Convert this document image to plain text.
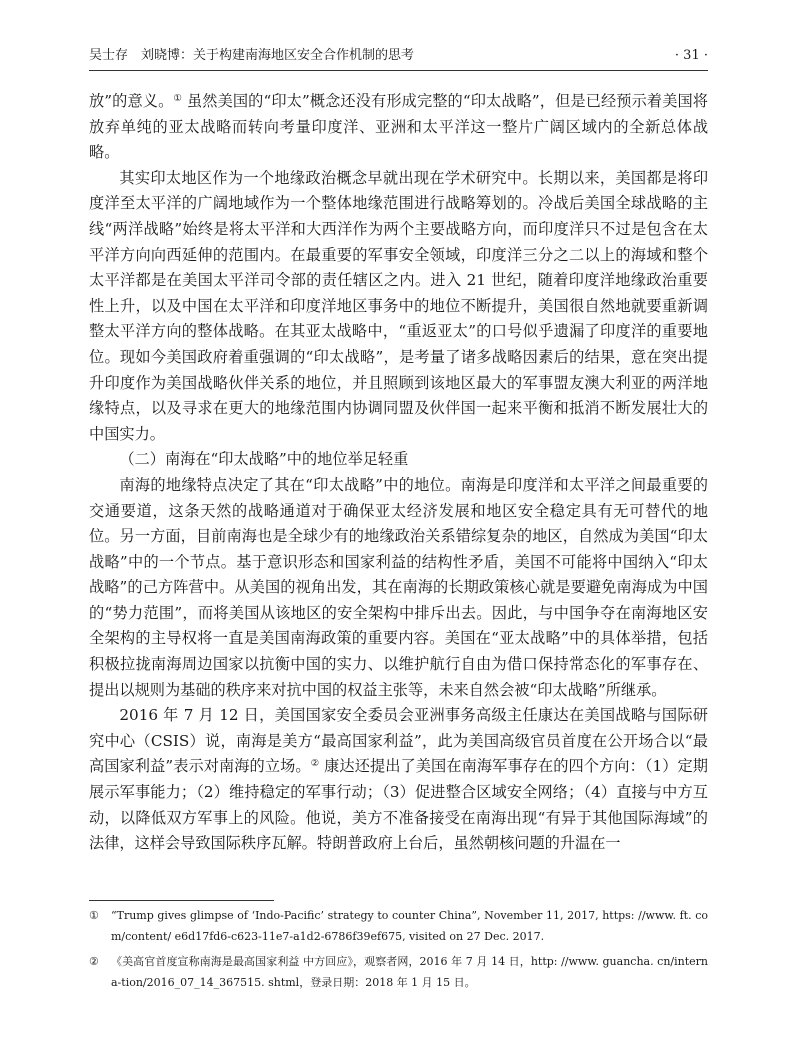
吴士存　刘晓博：关于构建南海地区安全合作机制的思考	· 31 ·

放”的意义。① 虽然美国的“印太”概念还没有形成完整的“印太战略”，但是已经预示着美国将放弃单纯的亚太战略而转向考量印度洋、亚洲和太平洋这一整片广阔区域内的全新总体战略。

其实印太地区作为一个地缘政治概念早就出现在学术研究中。长期以来，美国都是将印度洋至太平洋的广阔地域作为一个整体地缘范围进行战略筹划的。冷战后美国全球战略的主线“两洋战略”始终是将太平洋和大西洋作为两个主要战略方向，而印度洋只不过是包含在太平洋方向向西延伸的范围内。在最重要的军事安全领域，印度洋三分之二以上的海域和整个太平洋都是在美国太平洋司令部的责任辖区之内。进入 21 世纪，随着印度洋地缘政治重要性上升，以及中国在太平洋和印度洋地区事务中的地位不断提升，美国很自然地就要重新调整太平洋方向的整体战略。在其亚太战略中，“重返亚太”的口号似乎遗漏了印度洋的重要地位。现如今美国政府着重强调的“印太战略”，是考量了诸多战略因素后的结果，意在突出提升印度作为美国战略伙伴关系的地位，并且照顾到该地区最大的军事盟友澳大利亚的两洋地缘特点，以及寻求在更大的地缘范围内协调同盟及伙伴国一起来平衡和抵消不断发展壮大的中国实力。

（二）南海在“印太战略”中的地位举足轻重

南海的地缘特点决定了其在“印太战略”中的地位。南海是印度洋和太平洋之间最重要的交通要道，这条天然的战略通道对于确保亚太经济发展和地区安全稳定具有无可替代的地位。另一方面，目前南海也是全球少有的地缘政治关系错综复杂的地区，自然成为美国“印太战略”中的一个节点。基于意识形态和国家利益的结构性矛盾，美国不可能将中国纳入“印太战略”的己方阵营中。从美国的视角出发，其在南海的长期政策核心就是要避免南海成为中国的“势力范围”，而将美国从该地区的安全架构中排斥出去。因此，与中国争夺在南海地区安全架构的主导权将一直是美国南海政策的重要内容。美国在“亚太战略”中的具体举措，包括积极拉拢南海周边国家以抗衡中国的实力、以维护航行自由为借口保持常态化的军事存在、提出以规则为基础的秩序来对抗中国的权益主张等，未来自然会被“印太战略”所继承。

2016 年 7 月 12 日，美国国家安全委员会亚洲事务高级主任康达在美国战略与国际研究中心（CSIS）说，南海是美方“最高国家利益”，此为美国高级官员首度在公开场合以“最高国家利益”表示对南海的立场。② 康达还提出了美国在南海军事存在的四个方向：（1）定期展示军事能力；（2）维持稳定的军事行动；（3）促进整合区域安全网络；（4）直接与中方互动，以降低双方军事上的风险。他说，美方不准备接受在南海出现“有异于其他国际海域”的法律，这样会导致国际秩序瓦解。特朗普政府上台后，虽然朝核问题的升温在一

①	“Trump gives glimpse of ‘Indo-Pacific’ strategy to counter China”, November 11, 2017, https: //www. ft. com/content/ e6d17fd6-c623-11e7-a1d2-6786f39ef675, visited on 27 Dec. 2017.
②	《美高官首度宣称南海是最高国家利益 中方回应》，观察者网，2016 年 7 月 14 日，http: //www. guancha. cn/interna-tion/2016_07_14_367515. shtml，登录日期：2018 年 1 月 15 日。
